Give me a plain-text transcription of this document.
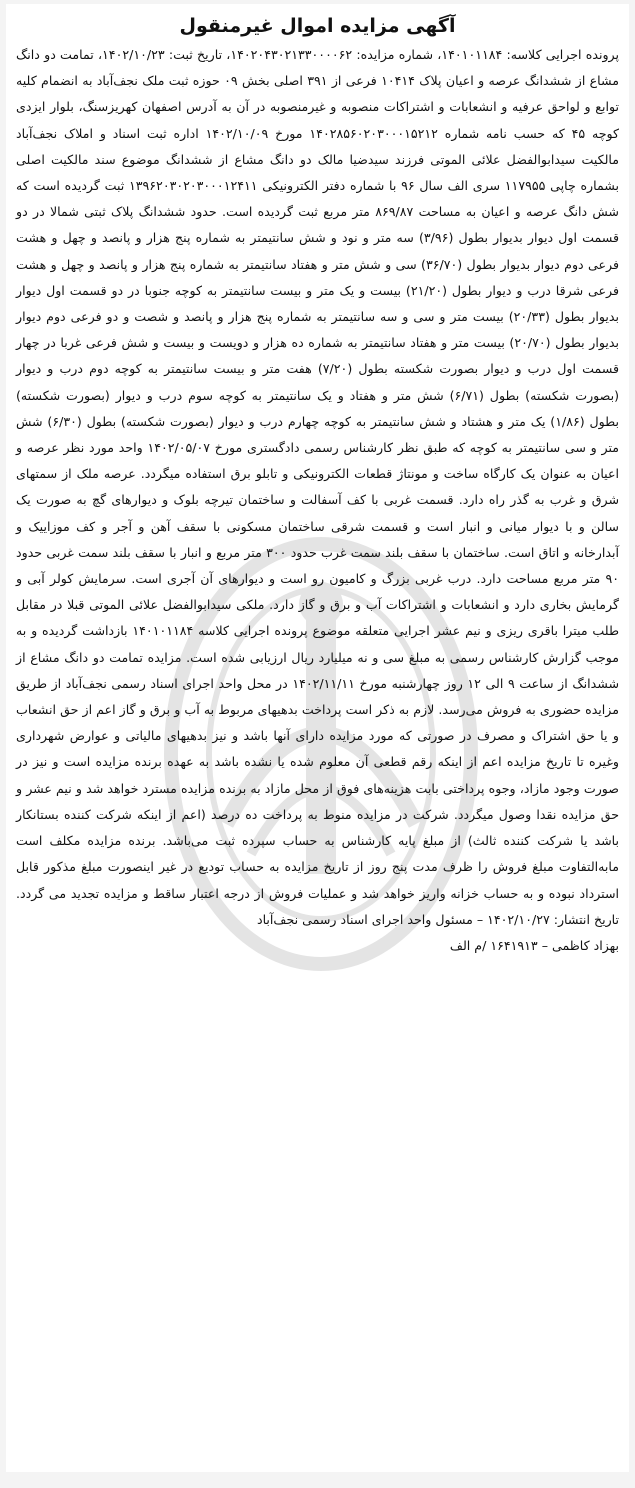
آگهی مزایده اموال غیرمنقول

پرونده اجرایی کلاسه: ۱۴۰۱۰۱۱۸۴، شماره مزایده: ۱۴۰۲۰۴۳۰۲۱۳۳۰۰۰۰۶۲، تاریخ ثبت: ۱۴۰۲/۱۰/۲۳، تمامت دو دانگ مشاع از ششدانگ عرصه و اعیان پلاک ۱۰۴۱۴ فرعی از ۳۹۱ اصلی بخش ۰۹ حوزه ثبت ملک نجف‌آباد به انضمام کلیه توابع و لواحق عرفیه و انشعابات و اشتراکات منصوبه و غیرمنصوبه در آن به آدرس اصفهان کهریزسنگ، بلوار ایزدی کوچه ۴۵ که حسب نامه شماره ۱۴۰۲۸۵۶۰۲۰۳۰۰۰۱۵۲۱۲ مورخ ۱۴۰۲/۱۰/۰۹ اداره ثبت اسناد و املاک نجف‌آباد مالکیت سیدابوالفضل علائی الموتی فرزند سیدضیا مالک دو دانگ مشاع از ششدانگ موضوع سند مالکیت اصلی بشماره چاپی ۱۱۷۹۵۵ سری الف سال ۹۶ با شماره دفتر الکترونیکی ۱۳۹۶۲۰۳۰۲۰۳۰۰۰۱۲۴۱۱ ثبت گردیده است که شش دانگ عرصه و اعیان به مساحت ۸۶۹/۸۷ متر مربع ثبت گردیده است. حدود ششدانگ پلاک ثبتی شمالا در دو قسمت اول دیوار بدیوار بطول (۳/۹۶) سه متر و نود و شش سانتیمتر به شماره پنج هزار و پانصد و چهل و هشت فرعی دوم دیوار بدیوار بطول (۳۶/۷۰) سی و شش متر و هفتاد سانتیمتر به شماره پنج هزار و پانصد و چهل و هشت فرعی شرقا درب و دیوار بطول (۲۱/۲۰) بیست و یک متر و بیست سانتیمتر به کوچه جنوبا در دو قسمت اول دیوار بدیوار بطول (۲۰/۳۳) بیست متر و سی و سه سانتیمتر به شماره پنج هزار و پانصد و شصت و دو فرعی دوم دیوار بدیوار بطول (۲۰/۷۰) بیست متر و هفتاد سانتیمتر به شماره ده هزار و دویست و بیست و شش فرعی غربا در چهار قسمت اول درب و دیوار بصورت شکسته بطول (۷/۲۰) هفت متر و بیست سانتیمتر به کوچه دوم درب و دیوار (بصورت شکسته) بطول (۶/۷۱) شش متر و هفتاد و یک سانتیمتر به کوچه سوم درب و دیوار (بصورت شکسته) بطول (۱/۸۶) یک متر و هشتاد و شش سانتیمتر به کوچه چهارم درب و دیوار (بصورت شکسته) بطول (۶/۳۰) شش متر و سی سانتیمتر به کوچه که طبق نظر کارشناس رسمی دادگستری مورخ ۱۴۰۲/۰۵/۰۷ واحد مورد نظر عرصه و اعیان به عنوان یک کارگاه ساخت و مونتاژ قطعات الکترونیکی و تابلو برق استفاده میگردد. عرصه ملک از سمتهای شرق و غرب به گذر راه دارد. قسمت غربی با کف آسفالت و ساختمان تیرچه بلوک و دیوارهای گچ به صورت یک سالن و با دیوار میانی و انبار است و قسمت شرقی ساختمان مسکونی با سقف آهن و آجر و کف موزاییک و آبدارخانه و اتاق است. ساختمان با سقف بلند سمت غرب حدود ۳۰۰ متر مربع و انبار با سقف بلند سمت غربی حدود ۹۰ متر مربع مساحت دارد. درب غربی بزرگ و کامیون رو است و دیوارهای آن آجری است. سرمایش کولر آبی و گرمایش بخاری دارد و انشعابات و اشتراکات آب و برق و گاز دارد. ملکی سیدابوالفضل علائی الموتی قبلا در مقابل طلب میترا باقری ریزی و نیم عشر اجرایی متعلقه موضوع پرونده اجرایی کلاسه ۱۴۰۱۰۱۱۸۴ بازداشت گردیده و به موجب گزارش کارشناس رسمی به مبلغ سی و نه میلیارد ریال ارزیابی شده است. مزایده تمامت دو دانگ مشاع از ششدانگ از ساعت ۹ الی ۱۲ روز چهارشنبه مورخ ۱۴۰۲/۱۱/۱۱ در محل واحد اجرای اسناد رسمی نجف‌آباد از طریق مزایده حضوری به فروش می‌رسد. لازم به ذکر است پرداخت بدهیهای مربوط به آب و برق و گاز اعم از حق انشعاب و یا حق اشتراک و مصرف در صورتی که مورد مزایده دارای آنها باشد و نیز بدهیهای مالیاتی و عوارض شهرداری وغیره تا تاریخ مزایده اعم از اینکه رقم قطعی آن معلوم شده یا نشده باشد به عهده برنده مزایده است و نیز در صورت وجود مازاد، وجوه پرداختی بابت هزینه‌های فوق از محل مازاد به برنده مزایده مسترد خواهد شد و نیم عشر و حق مزایده نقدا وصول میگردد. شرکت در مزایده منوط به پرداخت ده درصد (اعم از اینکه شرکت کننده بستانکار باشد یا شرکت کننده ثالث) از مبلغ پایه کارشناس به حساب سپرده ثبت می‌باشد. برنده مزایده مکلف است مابه‌التفاوت مبلغ فروش را ظرف مدت پنج روز از تاریخ مزایده به حساب توديع در غیر اینصورت مبلغ مذکور قابل استرداد نبوده و به حساب خزانه واریز خواهد شد و عملیات فروش از درجه اعتبار ساقط و مزایده تجدید می گردد. تاریخ انتشار: ۱۴۰۲/۱۰/۲۷ – مسئول واحد اجرای اسناد رسمی نجف‌آباد

بهزاد کاظمی – ۱۶۴۱۹۱۳ /م الف
